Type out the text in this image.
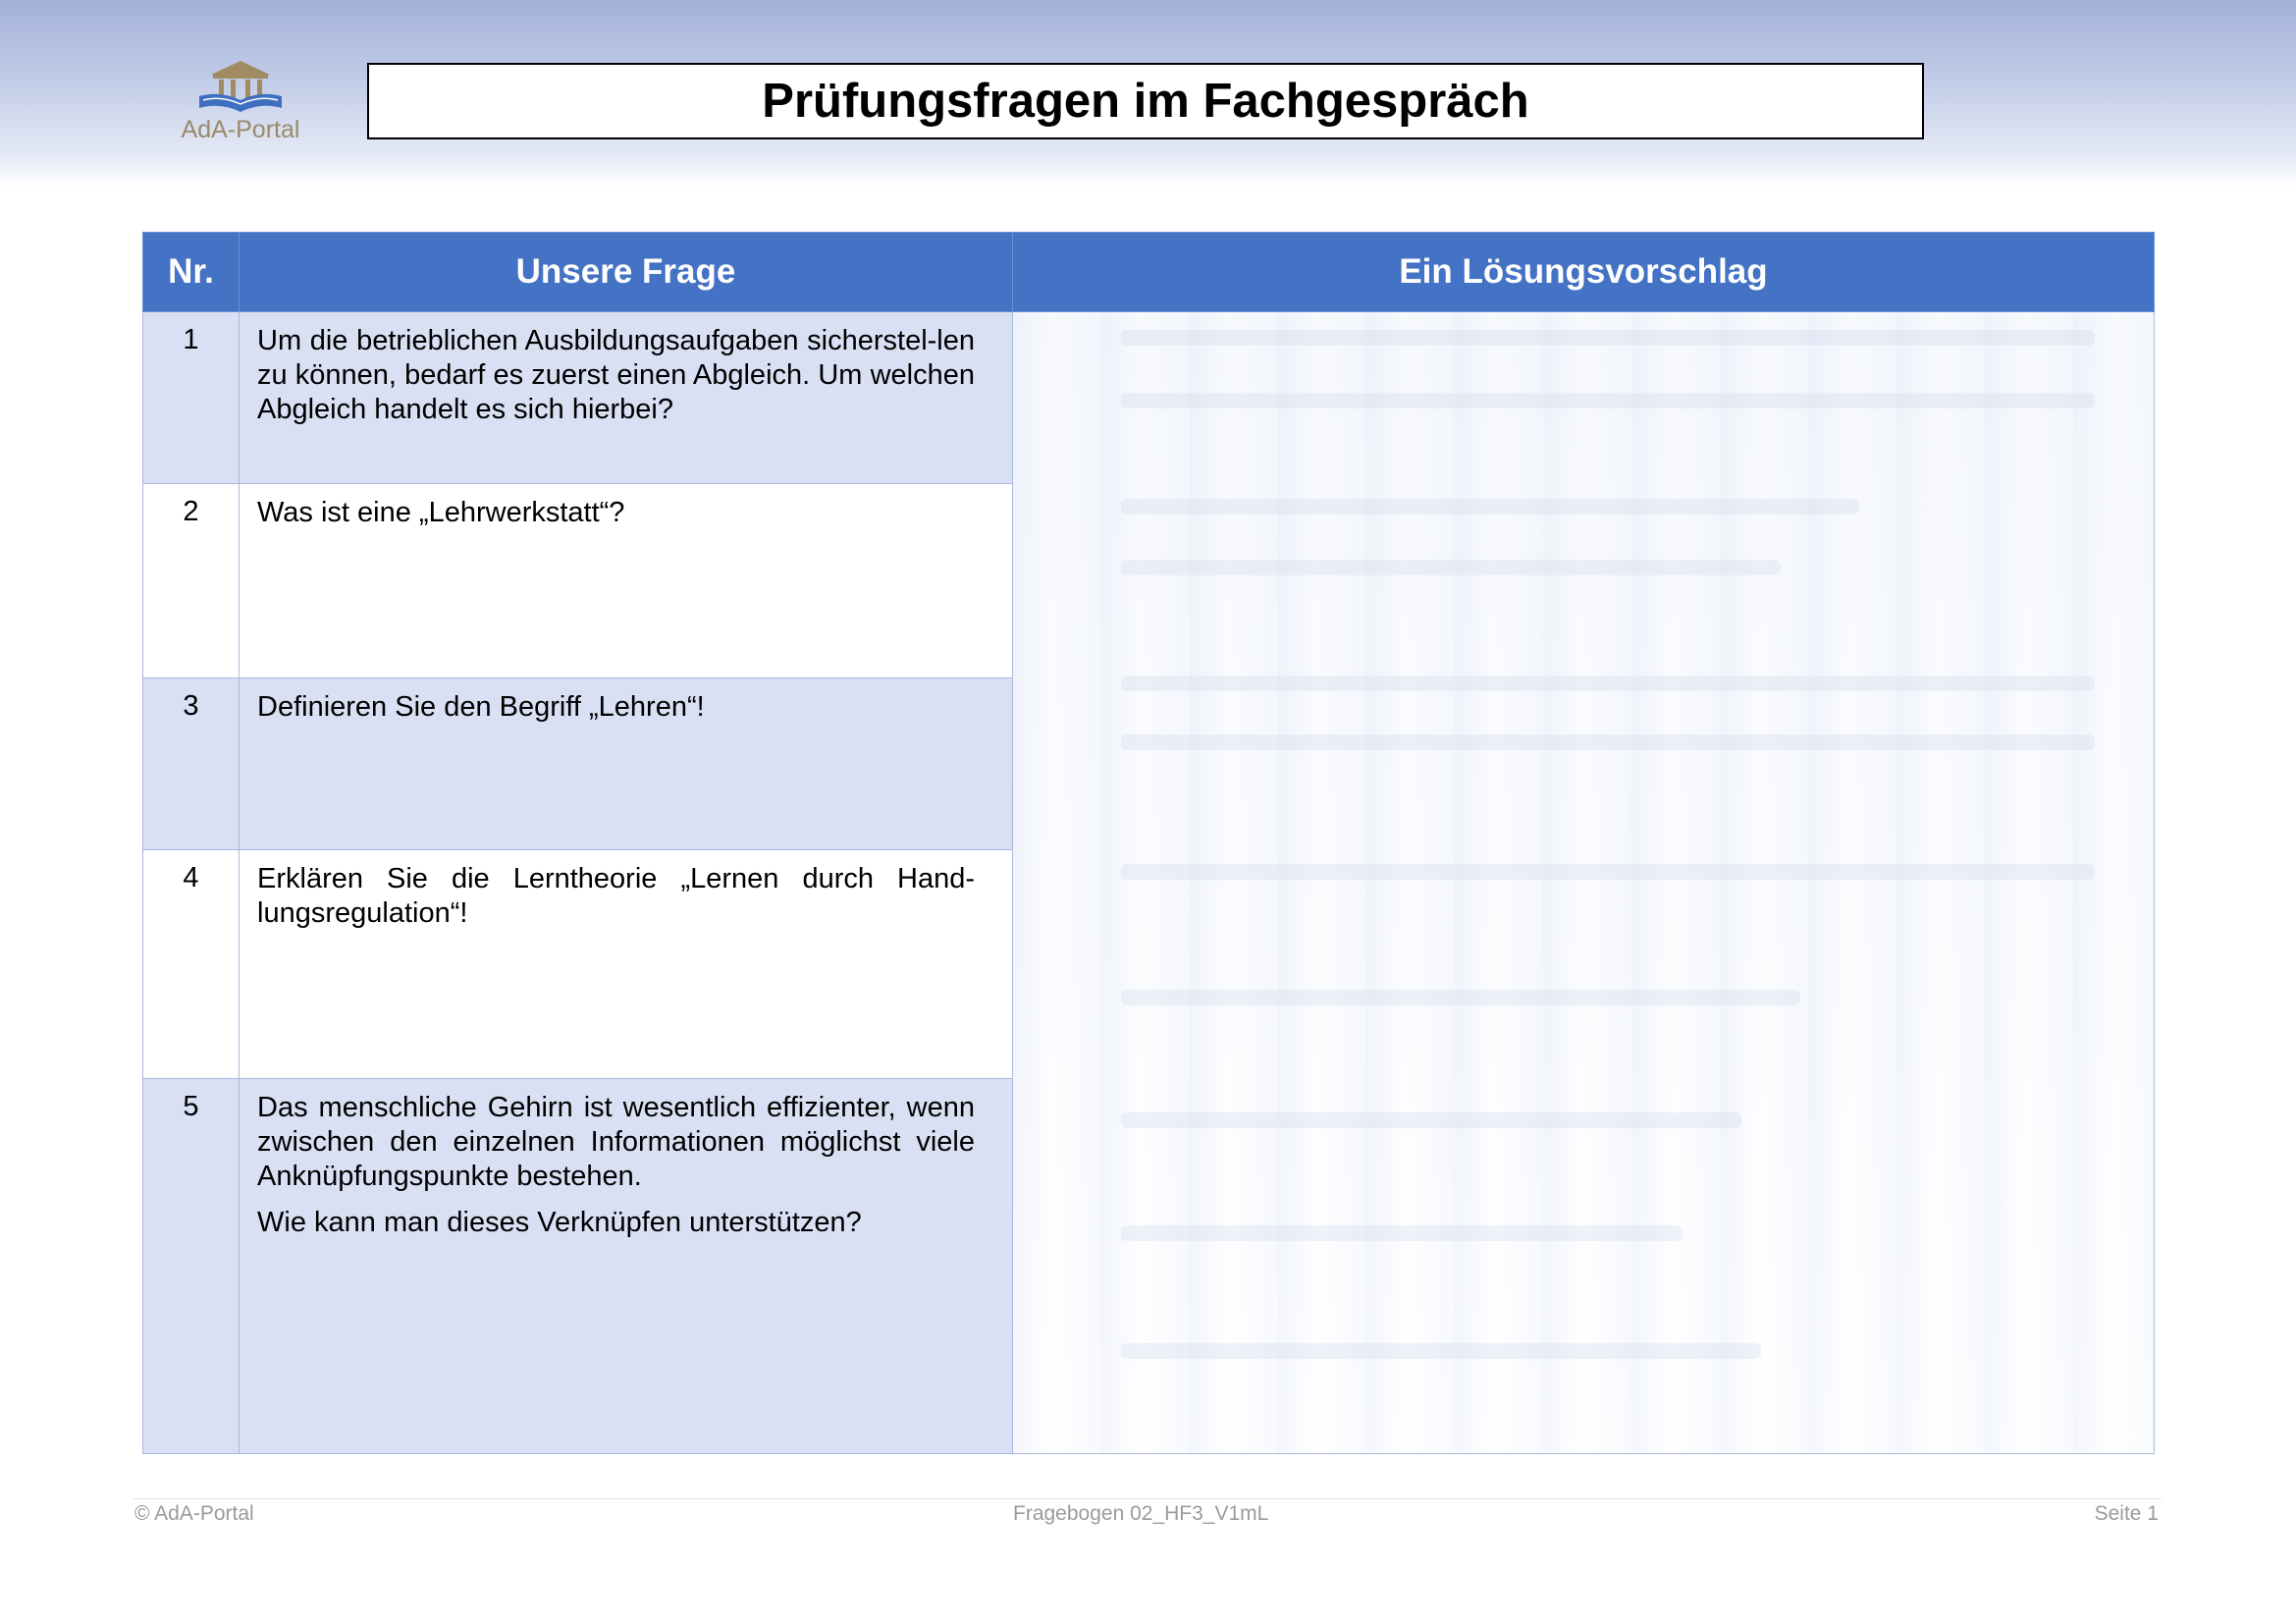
AdA-Portal
Prüfungsfragen im Fachgespräch
Nr.	Unsere Frage	Ein Lösungsvorschlag
1	Um die betrieblichen Ausbildungsaufgaben sicherstel-len zu können, bedarf es zuerst einen Abgleich. Um welchen Abgleich handelt es sich hierbei?	

2	Was ist eine „Lehrwerkstatt“?	

3	Definieren Sie den Begriff „Lehren“!	

4	Erklären Sie die Lerntheorie „Lernen durch Hand-lungsregulation“!	

5	Das menschliche Gehirn ist wesentlich effizienter, wenn zwischen den einzelnen Informationen möglichst viele Anknüpfungspunkte bestehen.

Wie kann man dieses Verknüpfen unterstützen?	

© AdA-Portal	Fragebogen 02_HF3_V1mL	Seite 1
